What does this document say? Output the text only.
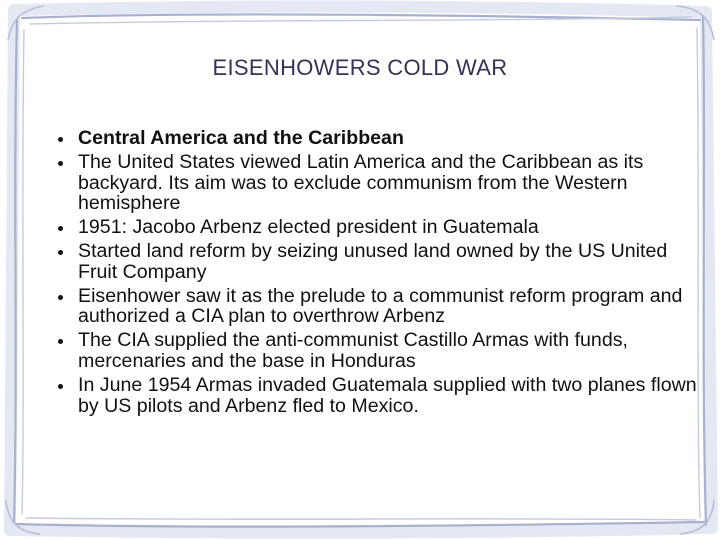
EISENHOWERS COLD WAR
Central America and the Caribbean
The United States viewed Latin America and the Caribbean as its backyard. Its aim was to exclude communism from the Western hemisphere
1951: Jacobo Arbenz elected president in Guatemala
Started land reform by seizing unused land owned by the US United Fruit Company
Eisenhower saw it as the prelude to a communist reform program and authorized a CIA plan to overthrow Arbenz
The CIA supplied the anti-communist Castillo Armas with funds, mercenaries and the base in Honduras
In June 1954 Armas invaded Guatemala supplied with two planes flown by US pilots and Arbenz fled to Mexico.
